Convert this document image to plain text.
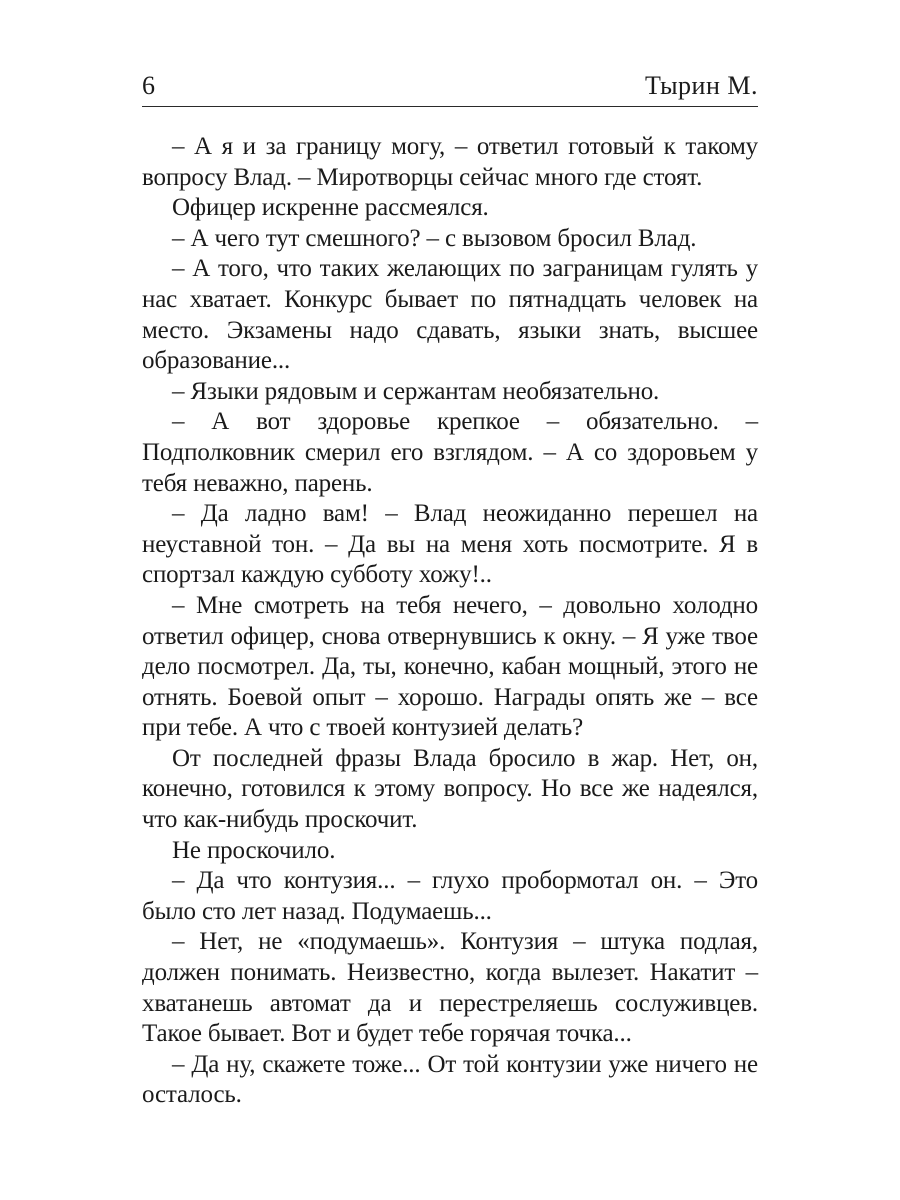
6	Тырин М.

– А я и за границу могу, – ответил готовый к такому вопросу Влад. – Миротворцы сейчас много где стоят.

Офицер искренне рассмеялся.

– А чего тут смешного? – с вызовом бросил Влад.

– А того, что таких желающих по заграницам гулять у нас хватает. Конкурс бывает по пятнадцать человек на место. Экзамены надо сдавать, языки знать, высшее образование...

– Языки рядовым и сержантам необязательно.

– А вот здоровье крепкое – обязательно. – Подполковник смерил его взглядом. – А со здоровьем у тебя неважно, парень.

– Да ладно вам! – Влад неожиданно перешел на неуставной тон. – Да вы на меня хоть посмотрите. Я в спортзал каждую субботу хожу!..

– Мне смотреть на тебя нечего, – довольно холодно ответил офицер, снова отвернувшись к окну. – Я уже твое дело посмотрел. Да, ты, конечно, кабан мощный, этого не отнять. Боевой опыт – хорошо. Награды опять же – все при тебе. А что с твоей контузией делать?

От последней фразы Влада бросило в жар. Нет, он, конечно, готовился к этому вопросу. Но все же надеялся, что как-нибудь проскочит.

Не проскочило.

– Да что контузия... – глухо пробормотал он. – Это было сто лет назад. Подумаешь...

– Нет, не «подумаешь». Контузия – штука подлая, должен понимать. Неизвестно, когда вылезет. Накатит – хватанешь автомат да и перестреляешь сослуживцев. Такое бывает. Вот и будет тебе горячая точка...

– Да ну, скажете тоже... От той контузии уже ничего не осталось.
